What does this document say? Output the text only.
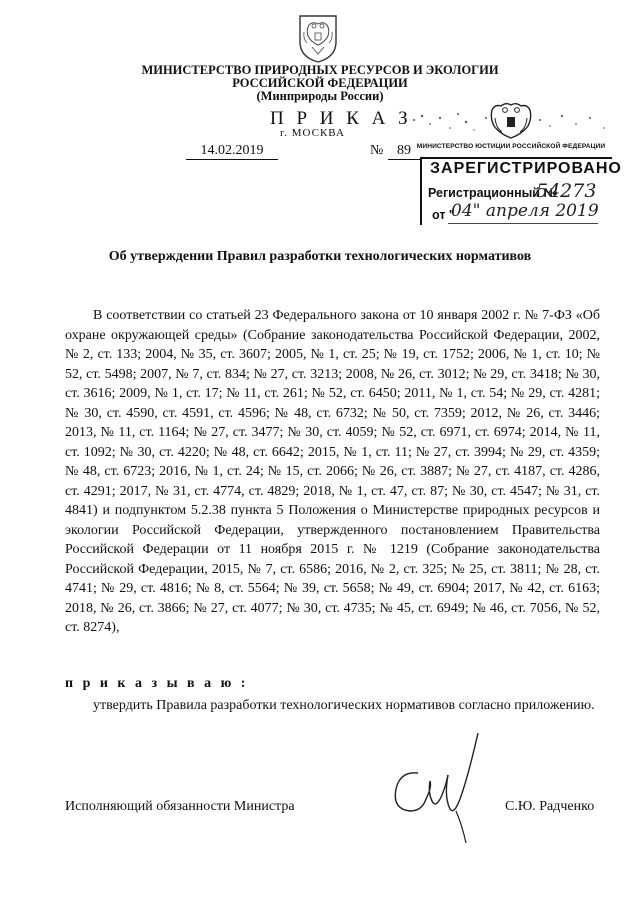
МИНИСТЕРСТВО ПРИРОДНЫХ РЕСУРСОВ И ЭКОЛОГИИ
РОССИЙСКОЙ ФЕДЕРАЦИИ
(Минприроды России)
П Р И К А З
г. МОСКВА
14.02.2019	№ 89 МИНИСТЕРСТВО ЮСТИЦИИ РОССИЙСКОЙ ФЕДЕРАЦИИ
ЗАРЕГИСТРИРОВАНО
Регистрационный №
54273
от "
04" апреля 2019
Об утверждении Правил разработки технологических нормативов
В соответствии со статьей 23 Федерального закона от 10 января 2002 г. № 7-ФЗ «Об охране окружающей среды» (Собрание законодательства Российской Федерации, 2002, № 2, ст. 133; 2004, № 35, ст. 3607; 2005, № 1, ст. 25; № 19, ст. 1752; 2006, № 1, ст. 10; № 52, ст. 5498; 2007, № 7, ст. 834; № 27, ст. 3213; 2008, № 26, ст. 3012; № 29, ст. 3418; № 30, ст. 3616; 2009, № 1, ст. 17; № 11, ст. 261; № 52, ст. 6450; 2011, № 1, ст. 54; № 29, ст. 4281; № 30, ст. 4590, ст. 4591, ст. 4596; № 48, ст. 6732; № 50, ст. 7359; 2012, № 26, ст. 3446; 2013, № 11, ст. 1164; № 27, ст. 3477; № 30, ст. 4059; № 52, ст. 6971, ст. 6974; 2014, № 11, ст. 1092; № 30, ст. 4220; № 48, ст. 6642; 2015, № 1, ст. 11; № 27, ст. 3994; № 29, ст. 4359; № 48, ст. 6723; 2016, № 1, ст. 24; № 15, ст. 2066; № 26, ст. 3887; № 27, ст. 4187, ст. 4286, ст. 4291; 2017, № 31, ст. 4774, ст. 4829; 2018, № 1, ст. 47, ст. 87; № 30, ст. 4547; № 31, ст. 4841) и подпунктом 5.2.38 пункта 5 Положения о Министерстве природных ресурсов и экологии Российской Федерации, утвержденного постановлением Правительства Российской Федерации от 11 ноября 2015 г. № 1219 (Собрание законодательства Российской Федерации, 2015, № 7, ст. 6586; 2016, № 2, ст. 325; № 25, ст. 3811; № 28, ст. 4741; № 29, ст. 4816; № 8, ст. 5564; № 39, ст. 5658; № 49, ст. 6904; 2017, № 42, ст. 6163; 2018, № 26, ст. 3866; № 27, ст. 4077; № 30, ст. 4735; № 45, ст. 6949; № 46, ст. 7056, № 52, ст. 8274),
п р и к а з ы в а ю :
утвердить Правила разработки технологических нормативов согласно приложению.
Исполняющий обязанности Министра	С.Ю. Радченко
